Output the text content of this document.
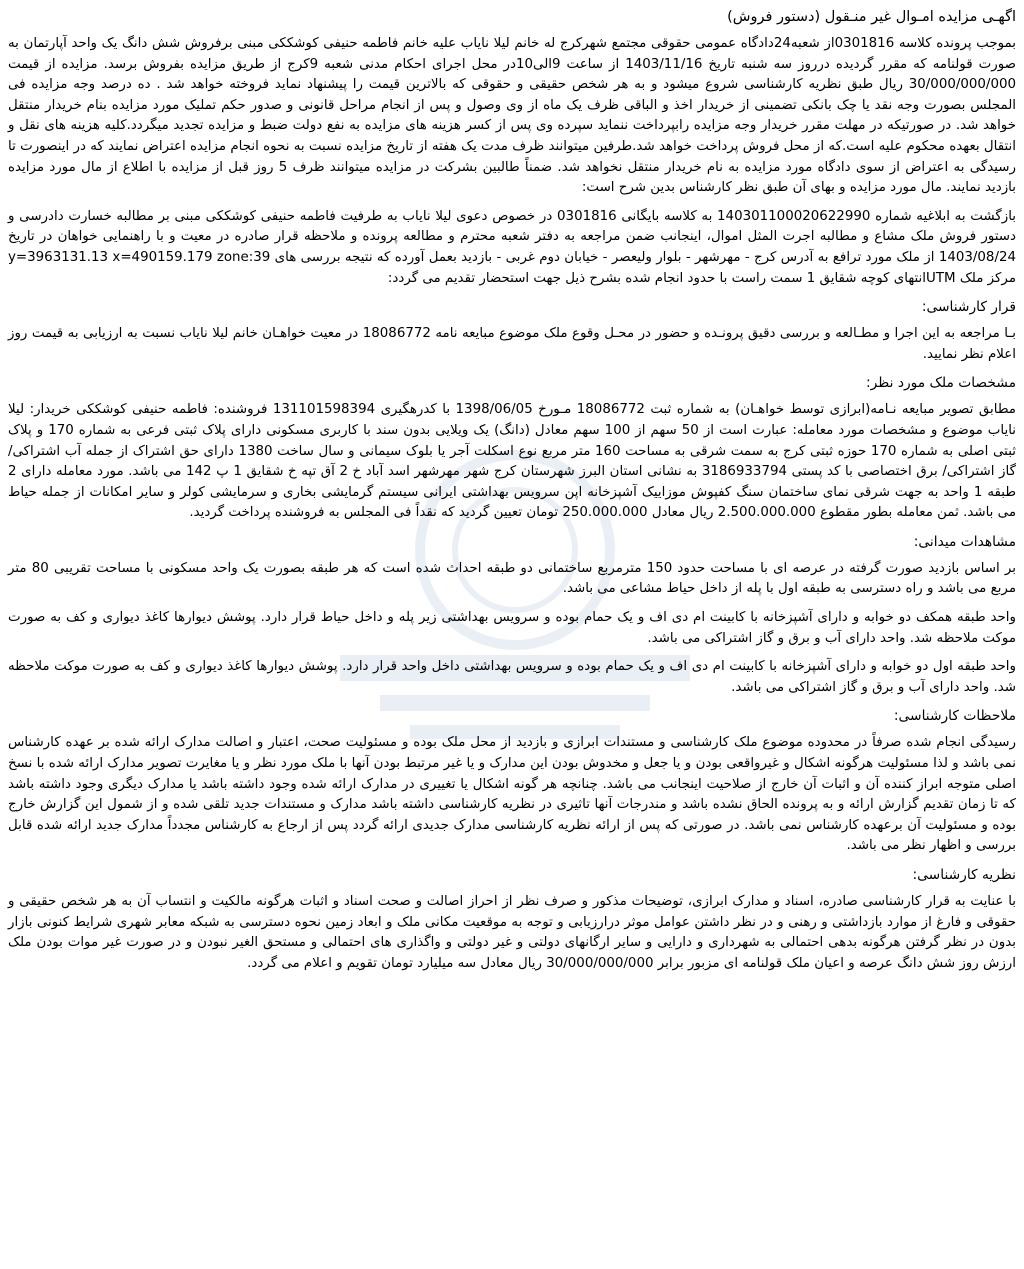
اگهـی مزایده امـوال غیر منـقول (دستور فروش)
بموجب پرونده کلاسه 0301816از شعبه24دادگاه عمومی حقوقی مجتمع شهرکرج له خانم لیلا نایاب علیه خانم فاطمه حنیفی کوشککی مبنی برفروش شش دانگ یک واحد آپارتمان به صورت قولنامه که مقرر گردیده درروز سه شنبه تاریخ 1403/11/16 از ساعت 9الی10در محل اجرای احکام مدنی شعبه 9کرج از طریق مزایده بفروش برسد. مزایده از قیمت 30/000/000/000 ریال طبق نظریه کارشناسی شروع میشود و به هر شخص حقیقی و حقوقی که بالاترین قیمت را پیشنهاد نماید فروخته خواهد شد . ده درصد وجه مزایده فی المجلس بصورت وجه نقد یا چک بانکی تضمینی از خریدار اخذ و الباقی ظرف یک ماه از وی وصول و پس از انجام مراحل قانونی و صدور حکم تملیک مورد مزایده بنام خریدار منتقل خواهد شد. در صورتیکه در مهلت مقرر خریدار وجه مزایده رابپرداخت ننماید سپرده وی پس از کسر هزینه های مزایده به نفع دولت ضبط و مزایده تجدید میگردد.کلیه هزینه های نقل و انتقال بعهده محکوم علیه است.که از محل فروش پرداخت خواهد شد.طرفین میتوانند ظرف مدت یک هفته از تاریخ مزایده نسبت به نحوه انجام مزایده اعتراض نمایند که در اینصورت تا رسیدگی به اعتراض از سوی دادگاه مورد مزایده به نام خریدار منتقل نخواهد شد. ضمناً طالبین بشرکت در مزایده میتوانند ظرف 5 روز قبل از مزایده با اطلاع از مال مورد مزایده بازدید نمایند. مال مورد مزایده و بهای آن طبق نظر کارشناس بدین شرح است:
بازگشت به ابلاغیه شماره 140301100020622990 به کلاسه بایگانی 0301816 در خصوص دعوی لیلا نایاب به طرفیت فاطمه حنیفی کوشککی مبنی بر مطالبه خسارت دادرسی و دستور فروش ملک مشاع و مطالبه اجرت المثل اموال، اینجانب ضمن مراجعه به دفتر شعبه محترم و مطالعه پرونده و ملاحظه قرار صادره در معیت و با راهنمایی خواهان در تاریخ 1403/08/24 از ملک مورد ترافع به آدرس کرج - مهرشهر - بلوار ولیعصر - خیابان دوم غربی - بازدید بعمل آورده که نتیجه بررسی های y=3963131.13 x=490159.179 zone:39 مرکز ملک UTMانتهای کوچه شقایق 1 سمت راست با حدود انجام شده بشرح ذیل جهت استحضار تقدیم می گردد:
قرار کارشناسی:
بـا مراجعه به این اجرا و مطـالعه و بررسی دقیق پرونـده و حضور در محـل وقوع ملک موضوع مبایعه نامه 18086772 در معیت خواهـان خانم لیلا نایاب نسبت به ارزیابی به قیمت روز اعلام نظر نمایید.
مشخصات ملک مورد نظر:
مطابق تصویر مبایعه نـامه(ابرازی توسط خواهـان) به شماره ثبت 18086772 مـورخ 1398/06/05 با کدرهگیری 131101598394 فروشنده: فاطمه حنیفی کوشککی خریدار: لیلا نایاب موضوع و مشخصات مورد معامله: عبارت است از 50 سهم از 100 سهم معادل (دانگ) یک ویلایی بدون سند با کاربری مسکونی دارای پلاک ثبتی فرعی به شماره 170 و پلاک ثبتی اصلی به شماره 170 حوزه ثبتی کرج به سمت شرقی به مساحت 160 متر مربع نوع اسکلت آجر یا بلوک سیمانی و سال ساخت 1380 دارای حق اشتراک از جمله آب اشتراکی/گاز اشتراکی/ برق اختصاصی با کد پستی 3186933794 به نشانی استان البرز شهرستان کرج شهر مهرشهر اسد آباد خ 2 آق تپه خ شقایق 1 پ 142 می باشد. مورد معامله دارای 2 طبقه 1 واحد به جهت شرقی نمای ساختمان سنگ کفپوش موزاییک آشپزخانه اپن سرویس بهداشتی ایرانی سیستم گرمایشی بخاری و سرمایشی کولر و سایر امکانات از جمله حیاط می باشد. ثمن معامله بطور مقطوع 2.500.000.000 ریال معادل 250.000.000 تومان تعیین گردید که نقداً فی المجلس به فروشنده پرداخت گردید.
مشاهدات میدانی:
بر اساس بازدید صورت گرفته در عرصه ای با مساحت حدود 150 مترمربع ساختمانی دو طبقه احداث شده است که هر طبقه بصورت یک واحد مسکونی با مساحت تقریبی 80 متر مربع می باشد و راه دسترسی به طبقه اول با پله از داخل حیاط مشاعی می باشد.
واحد طبقه همکف دو خوابه و دارای آشپزخانه با کابینت ام دی اف و یک حمام بوده و سرویس بهداشتی زیر پله و داخل حیاط قرار دارد. پوشش دیوارها کاغذ دیواری و کف به صورت موکت ملاحظه شد. واحد دارای آب و برق و گاز اشتراکی می باشد.
واحد طبقه اول دو خوابه و دارای آشپزخانه با کابینت ام دی اف و یک حمام بوده و سرویس بهداشتی داخل واحد قرار دارد. پوشش دیوارها کاغذ دیواری و کف به صورت موکت ملاحظه شد. واحد دارای آب و برق و گاز اشتراکی می باشد.
ملاحظات کارشناسی:
رسیدگی انجام شده صرفاً در محدوده موضوع ملک کارشناسی و مستندات ابرازی و بازدید از محل ملک بوده و مسئولیت صحت، اعتبار و اصالت مدارک ارائه شده بر عهده کارشناس نمی باشد و لذا مسئولیت هرگونه اشکال و غیرواقعی بودن و یا جعل و مخدوش بودن این مدارک و یا غیر مرتبط بودن آنها با ملک مورد نظر و یا مغایرت تصویر مدارک ارائه شده با نسخ اصلی متوجه ابراز کننده آن و اثبات آن خارج از صلاحیت اینجانب می باشد. چنانچه هر گونه اشکال یا تغییری در مدارک ارائه شده وجود داشته باشد یا مدارک دیگری وجود داشته باشد که تا زمان تقدیم گزارش ارائه و به پرونده الحاق نشده باشد و مندرجات آنها تاثیری در نظریه کارشناسی داشته باشد مدارک و مستندات جدید تلقی شده و از شمول این گزارش خارج بوده و مسئولیت آن برعهده کارشناس نمی باشد. در صورتی که پس از ارائه نظریه کارشناسی مدارک جدیدی ارائه گردد پس از ارجاع به کارشناس مجدداً مدارک جدید ارائه شده قابل بررسی و اظهار نظر می باشد.
نظریه کارشناسی:
با عنایت به قرار کارشناسی صادره، اسناد و مدارک ابرازی، توضیحات مذکور و صرف نظر از احراز اصالت و صحت اسناد و اثبات هرگونه مالکیت و انتساب آن به هر شخص حقیقی و حقوقی و فارغ از موارد بازداشتی و رهنی و در نظر داشتن عوامل موثر درارزیابی و توجه به موقعیت مکانی ملک و ابعاد زمین نحوه دسترسی به شبکه معابر شهری شرایط کنونی بازار بدون در نظر گرفتن هرگونه بدهی احتمالی به شهرداری و دارایی و سایر ارگانهای دولتی و غیر دولتی و واگذاری های احتمالی و مستحق الغیر نبودن و در صورت غیر موات بودن ملک ارزش روز شش دانگ عرصه و اعیان ملک قولنامه ای مزبور برابر 30/000/000/000 ریال معادل سه میلیارد تومان تقویم و اعلام می گردد.
